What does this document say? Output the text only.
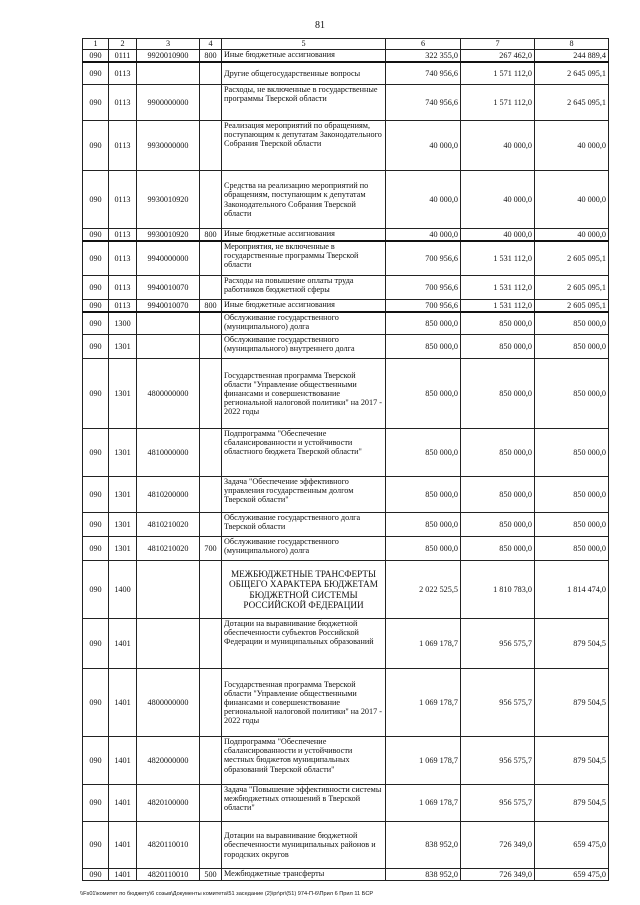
81
1	2	3	4	5	6	7	8
090	0111	9920010900	800	Иные бюджетные ассигнования	322 355,0	267 462,0	244 889,4
090	0113			Другие общегосударственные вопросы	740 956,6	1 571 112,0	2 645 095,1
090	0113	9900000000		Расходы, не включенные в государственные программы Тверской области	740 956,6	1 571 112,0	2 645 095,1
090	0113	9930000000		Реализация мероприятий по обращениям, поступающим к депутатам Законодательного Собрания Тверской области	40 000,0	40 000,0	40 000,0
090	0113	9930010920		Средства на реализацию мероприятий по обращениям, поступающим к депутатам Законодательного Собрания Тверской области	40 000,0	40 000,0	40 000,0
090	0113	9930010920	800	Иные бюджетные ассигнования	40 000,0	40 000,0	40 000,0
090	0113	9940000000		Мероприятия, не включенные в государственные программы Тверской области	700 956,6	1 531 112,0	2 605 095,1
090	0113	9940010070		Расходы на повышение оплаты труда работников бюджетной сферы	700 956,6	1 531 112,0	2 605 095,1
090	0113	9940010070	800	Иные бюджетные ассигнования	700 956,6	1 531 112,0	2 605 095,1
090	1300			Обслуживание государственного (муниципального) долга	850 000,0	850 000,0	850 000,0
090	1301			Обслуживание государственного (муниципального) внутреннего долга	850 000,0	850 000,0	850 000,0
090	1301	4800000000		Государственная программа Тверской области "Управление общественными финансами и совершенствование региональной налоговой политики" на 2017 - 2022 годы	850 000,0	850 000,0	850 000,0
090	1301	4810000000		Подпрограмма "Обеспечение сбалансированности и устойчивости областного бюджета Тверской области"	850 000,0	850 000,0	850 000,0
090	1301	4810200000		Задача "Обеспечение эффективного управления государственным долгом Тверской области"	850 000,0	850 000,0	850 000,0
090	1301	4810210020		Обслуживание государственного долга Тверской области	850 000,0	850 000,0	850 000,0
090	1301	4810210020	700	Обслуживание государственного (муниципального) долга	850 000,0	850 000,0	850 000,0
090	1400			МЕЖБЮДЖЕТНЫЕ ТРАНСФЕРТЫ ОБЩЕГО ХАРАКТЕРА БЮДЖЕТАМ БЮДЖЕТНОЙ СИСТЕМЫ РОССИЙСКОЙ ФЕДЕРАЦИИ	2 022 525,5	1 810 783,0	1 814 474,0
090	1401			Дотации на выравнивание бюджетной обеспеченности субъектов Российской Федерации и муниципальных образований	1 069 178,7	956 575,7	879 504,5
090	1401	4800000000		Государственная программа Тверской области "Управление общественными финансами и совершенствование региональной налоговой политики" на 2017 - 2022 годы	1 069 178,7	956 575,7	879 504,5
090	1401	4820000000		Подпрограмма "Обеспечение сбалансированности и устойчивости местных бюджетов муниципальных образований Тверской области"	1 069 178,7	956 575,7	879 504,5
090	1401	4820100000		Задача "Повышение эффективности системы межбюджетных отношений в Тверской области"	1 069 178,7	956 575,7	879 504,5
090	1401	4820110010		Дотации на выравнивание бюджетной обеспеченности муниципальных районов и городских округов	838 952,0	726 349,0	659 475,0
090	1401	4820110010	500	Межбюджетные трансферты	838 952,0	726 349,0	659 475,0
\\Fs01\комитет по бюджету\6 созыв\Документы комитета\51 заседание (2)\pr\pr\(51) 974-П-6\Прил 6 Прил 11 БСР
